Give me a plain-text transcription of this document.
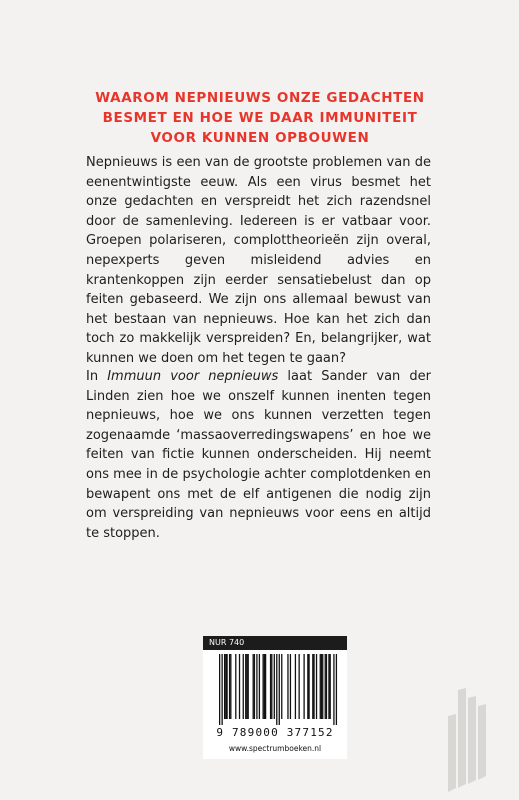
WAAROM NEPNIEUWS ONZE GEDACHTEN
BESMET EN HOE WE DAAR IMMUNITEIT
VOOR KUNNEN OPBOUWEN

Nepnieuws is een van de grootste problemen van de eenentwintigste eeuw. Als een virus besmet het onze gedachten en verspreidt het zich razendsnel door de samenleving. Iedereen is er vatbaar voor. Groepen polariseren, complottheorieën zijn overal, nepexperts geven misleidend advies en krantenkoppen zijn eerder sensatiebelust dan op feiten gebaseerd. We zijn ons allemaal bewust van het bestaan van nepnieuws. Hoe kan het zich dan toch zo makkelijk verspreiden? En, belangrijker, wat kunnen we doen om het tegen te gaan?

In Immuun voor nepnieuws laat Sander van der Linden zien hoe we onszelf kunnen inenten tegen nepnieuws, hoe we ons kunnen verzetten tegen zogenaamde ‘massaoverredingswapens’ en hoe we feiten van fictie kunnen onderscheiden. Hij neemt ons mee in de psychologie achter complotdenken en bewapent ons met de elf antigenen die nodig zijn om verspreiding van nepnieuws voor eens en altijd te stoppen.

NUR 740
9 789000 377152
www.spectrumboeken.nl
